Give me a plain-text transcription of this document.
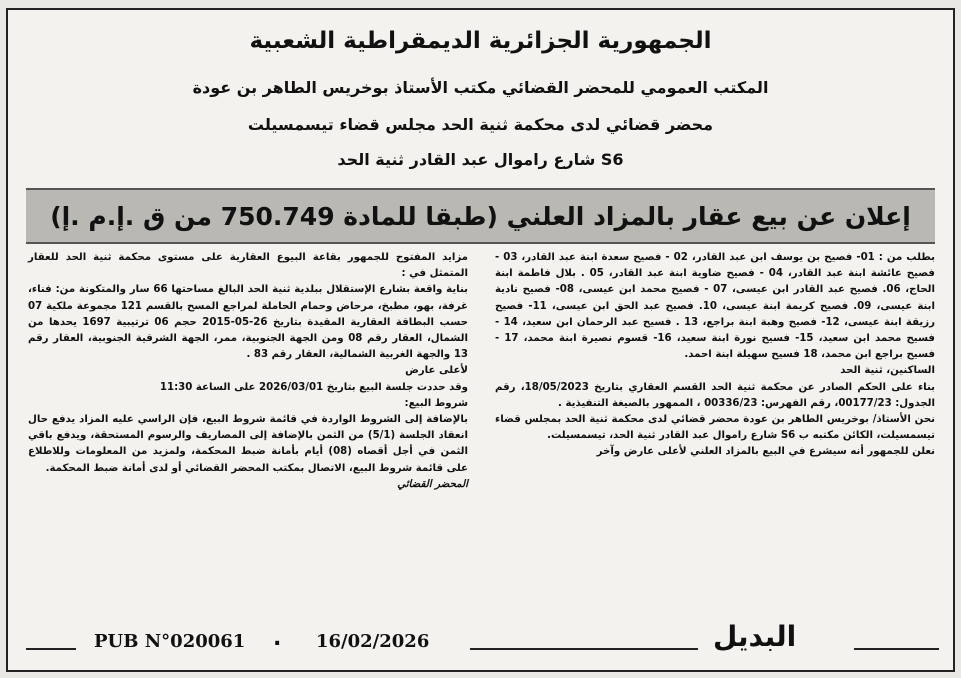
الجمهورية الجزائرية الديمقراطية الشعبية
المكتب العمومي للمحضر القضائي مكتب الأستاذ بوخريس الطاهر بن عودة
محضر قضائي لدى محكمة ثنية الحد مجلس قضاء تيسمسيلت
S6 شارع راموال عبد القادر ثنية الحد
إعلان عن بيع عقار بالمزاد العلني (طبقا للمادة 750.749 من ق .إ.م .إ)

بطلب من : 01- فصيح بن يوسف ابن عبد القادر، 02 - فصيح سعدة ابنة عبد القادر، 03 - فصيح عائشة ابنة عبد القادر، 04 - فصيح ضاوية ابنة عبد القادر، 05 . بلال فاطمة ابنة الحاج، 06. فصيح عبد القادر ابن عيسى، 07 - فصيح محمد ابن عيسى، 08- فصيح نادية ابنة عيسى، 09. فصيح كريمة ابنة عيسى، 10. فصيح عبد الحق ابن عيسى، 11- فصيح رزيقة ابنة عيسى، 12- فصيح وهبة ابنة براجع، 13 . فسيح عبد الرحمان ابن سعيد، 14 - فسيح محمد ابن سعيد، 15- فسيح نورة ابنة سعيد، 16- قسوم نصيرة ابنة محمد، 17 - فسيح براجع ابن محمد، 18 فسيح سهيلة ابنة احمد.

الساكنين، ثنية الحد

بناء على الحكم الصادر عن محكمة ثنية الحد القسم العقاري بتاريخ 18/05/2023، رقم الجدول: 00177/23، رقم الفهرس: 00336/23 ، الممهور بالصيغة التنفيذية .

نحن الأستاذ/ بوخريس الطاهر بن عودة محضر قضائي لدى محكمة ثنية الحد بمجلس قضاء تيسمسيلت، الكائن مكتبه ب S6 شارع راموال عبد القادر ثنية الحد، تيسمسيلت.

نعلن للجمهور أنه سيشرع في البيع بالمزاد العلني لأعلى عارض وآخر

مزايد المفتوح للجمهور بقاعة البيوع العقارية على مستوى محكمة ثنية الحد للعقار المتمثل في :

بناية واقعة بشارع الإستقلال ببلدية ثنية الحد البالغ مساحتها 66 سار والمتكونة من: فناء، غرفة، بهو، مطبخ، مرحاض وحمام الحاملة لمراجع المسح بالقسم 121 مجموعة ملكية 07 حسب البطاقة العقارية المقيدة بتاريخ 26-05-2015 حجم 06 ترتيبية 1697 يحدها من الشمال، العقار رقم 08 ومن الجهة الجنوبية، ممر، الجهة الشرقية الجنوبية، العقار رقم 13 والجهة الغربية الشمالية، العقار رقم 83 .

لأعلى عارض

وقد حددت جلسة البيع بتاريخ 2026/03/01 على الساعة 11:30

شروط البيع:

بالإضافة إلى الشروط الواردة في قائمة شروط البيع، فإن الراسي عليه المزاد يدفع حال انعقاد الجلسة (5/1) من الثمن بالإضافة إلى المصاريف والرسوم المستحقة، ويدفع باقي الثمن في أجل أقصاه (08) أيام بأمانة ضبط المحكمة، ولمزيد من المعلومات وللاطلاع على قائمة شروط البيع، الاتصال بمكتب المحضر القضائي أو لدى أمانة ضبط المحكمة.

المحضر القضائي

PUB N°020061 . 16/02/2026	البديل
